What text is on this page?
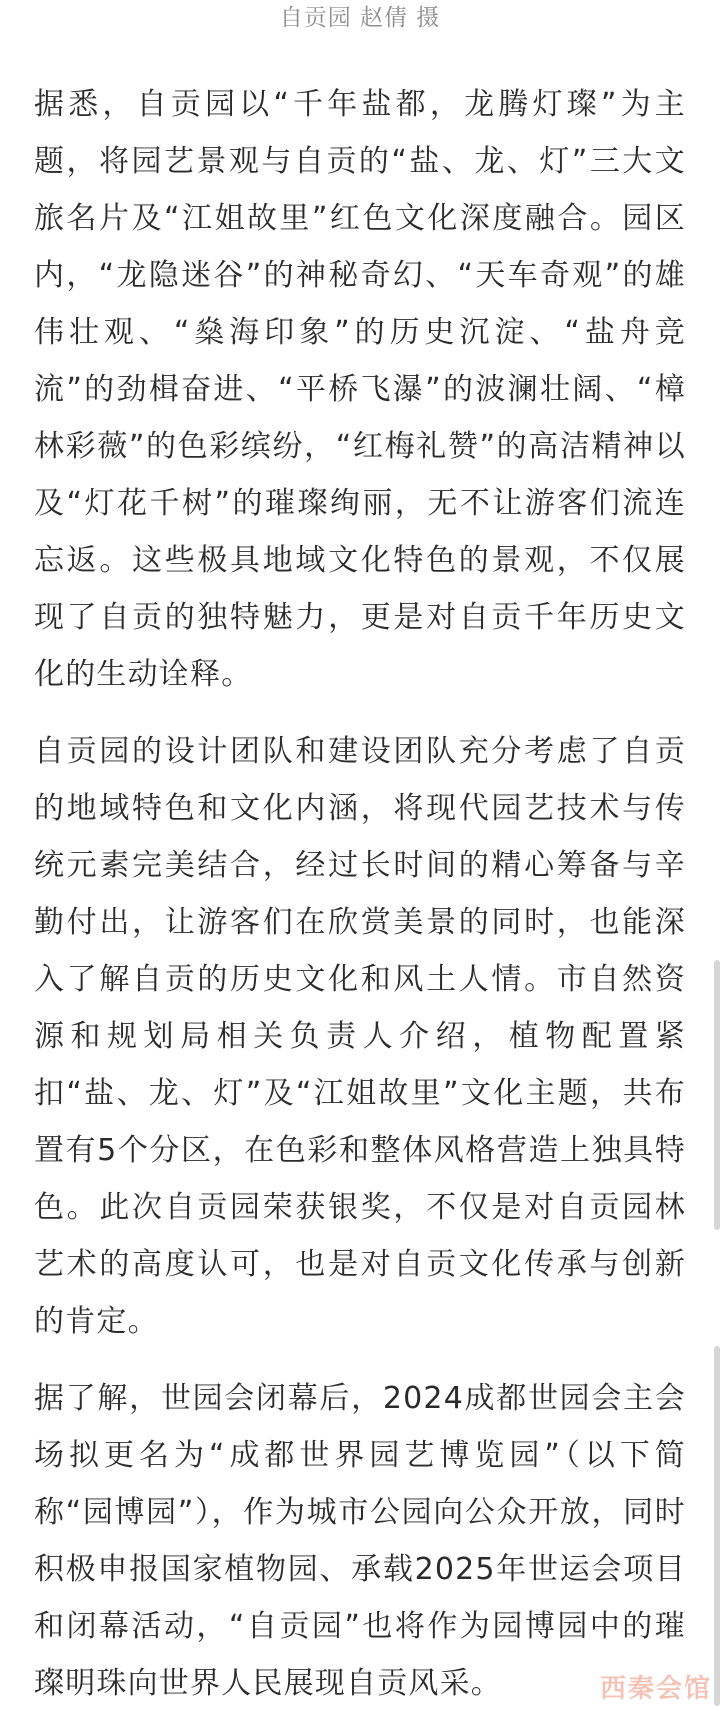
自贡园 赵倩 摄

据悉，自贡园以“千年盐都，龙腾灯璨”为主题，将园艺景观与自贡的“盐、龙、灯”三大文旅名片及“江姐故里”红色文化深度融合。园区内，“龙隐迷谷”的神秘奇幻、“天车奇观”的雄伟壮观、“燊海印象”的历史沉淀、“盐舟竞流”的劲楫奋进、“平桥飞瀑”的波澜壮阔、“樟林彩薇”的色彩缤纷，“红梅礼赞”的高洁精神以及“灯花千树”的璀璨绚丽，无不让游客们流连忘返。这些极具地域文化特色的景观，不仅展现了自贡的独特魅力，更是对自贡千年历史文化的生动诠释。

自贡园的设计团队和建设团队充分考虑了自贡的地域特色和文化内涵，将现代园艺技术与传统元素完美结合，经过长时间的精心筹备与辛勤付出，让游客们在欣赏美景的同时，也能深入了解自贡的历史文化和风土人情。市自然资源和规划局相关负责人介绍，植物配置紧扣“盐、龙、灯”及“江姐故里”文化主题，共布置有5个分区，在色彩和整体风格营造上独具特色。此次自贡园荣获银奖，不仅是对自贡园林艺术的高度认可，也是对自贡文化传承与创新的肯定。

据了解，世园会闭幕后，2024成都世园会主会场拟更名为“成都世界园艺博览园”（以下简称“园博园”），作为城市公园向公众开放，同时积极申报国家植物园、承载2025年世运会项目和闭幕活动，“自贡园”也将作为园博园中的璀璨明珠向世界人民展现自贡风采。	西秦会馆
